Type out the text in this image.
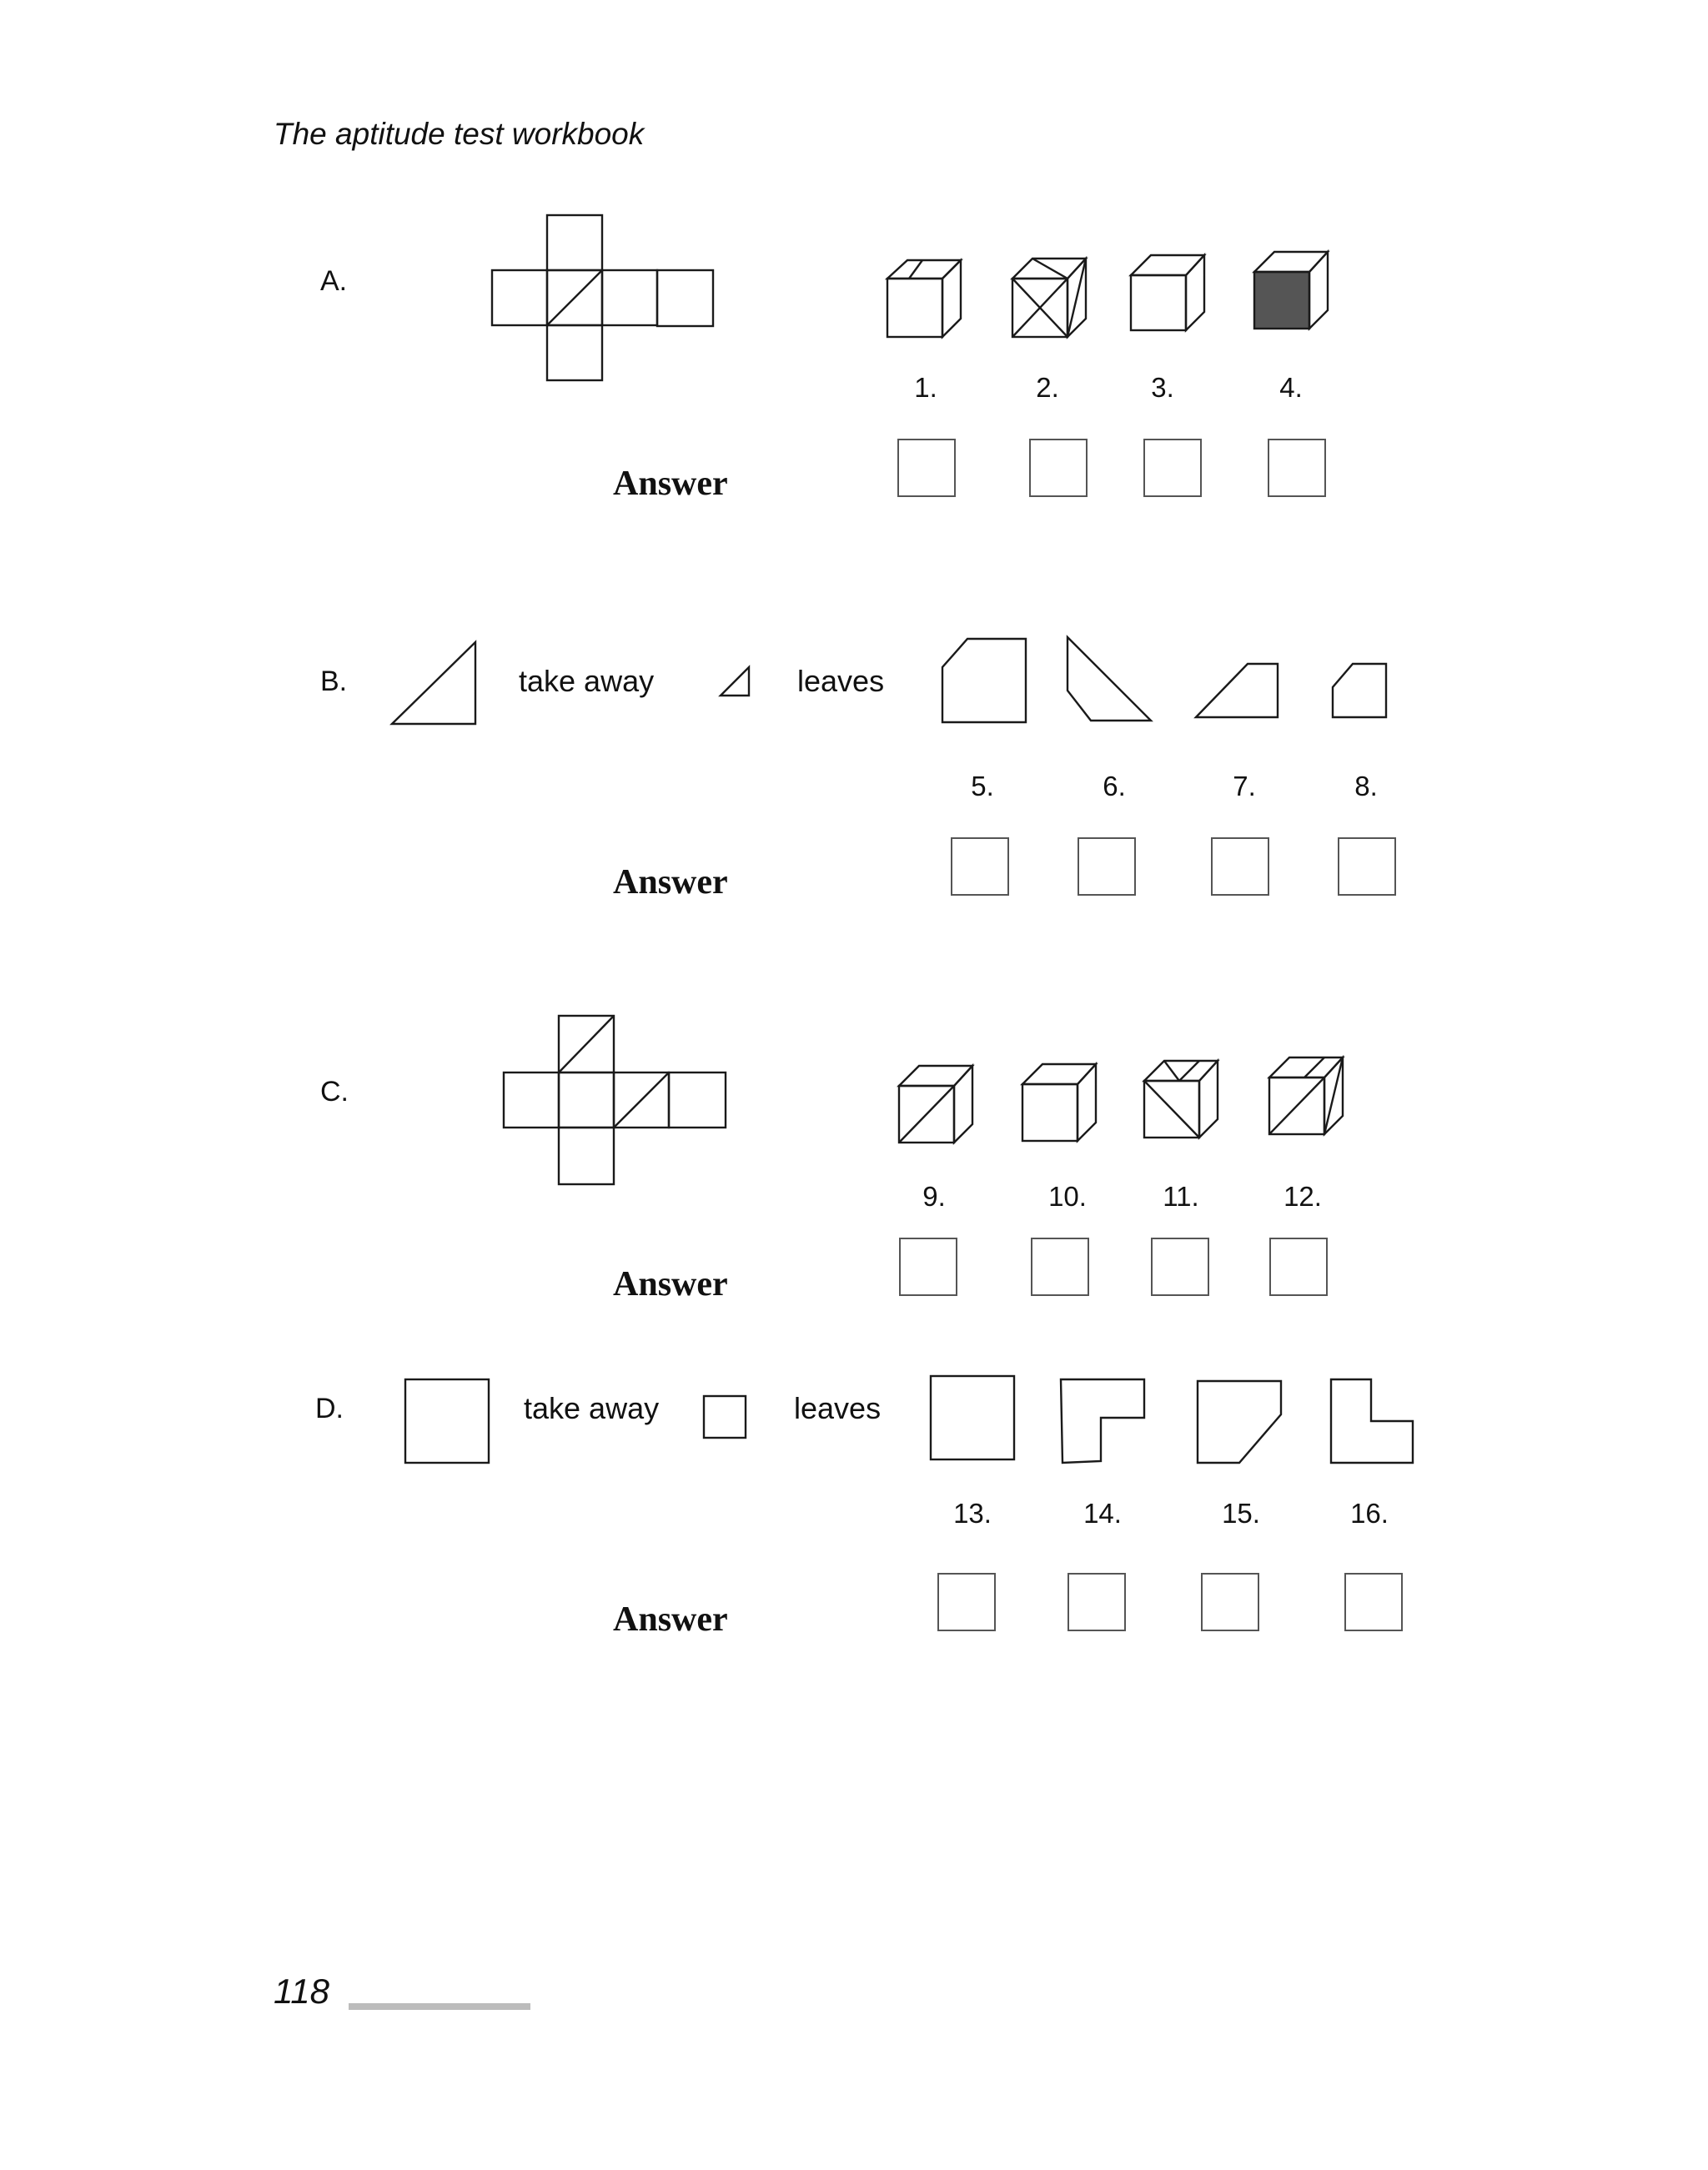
The aptitude test workbook
A.
1.	2.	3.	4.
Answer
B.	take away	leaves
5.	6.	7.	8.
Answer
C.
9.	10.	11.	12.
Answer
D.	take away	leaves
13.	14.	15.	16.
Answer
118
